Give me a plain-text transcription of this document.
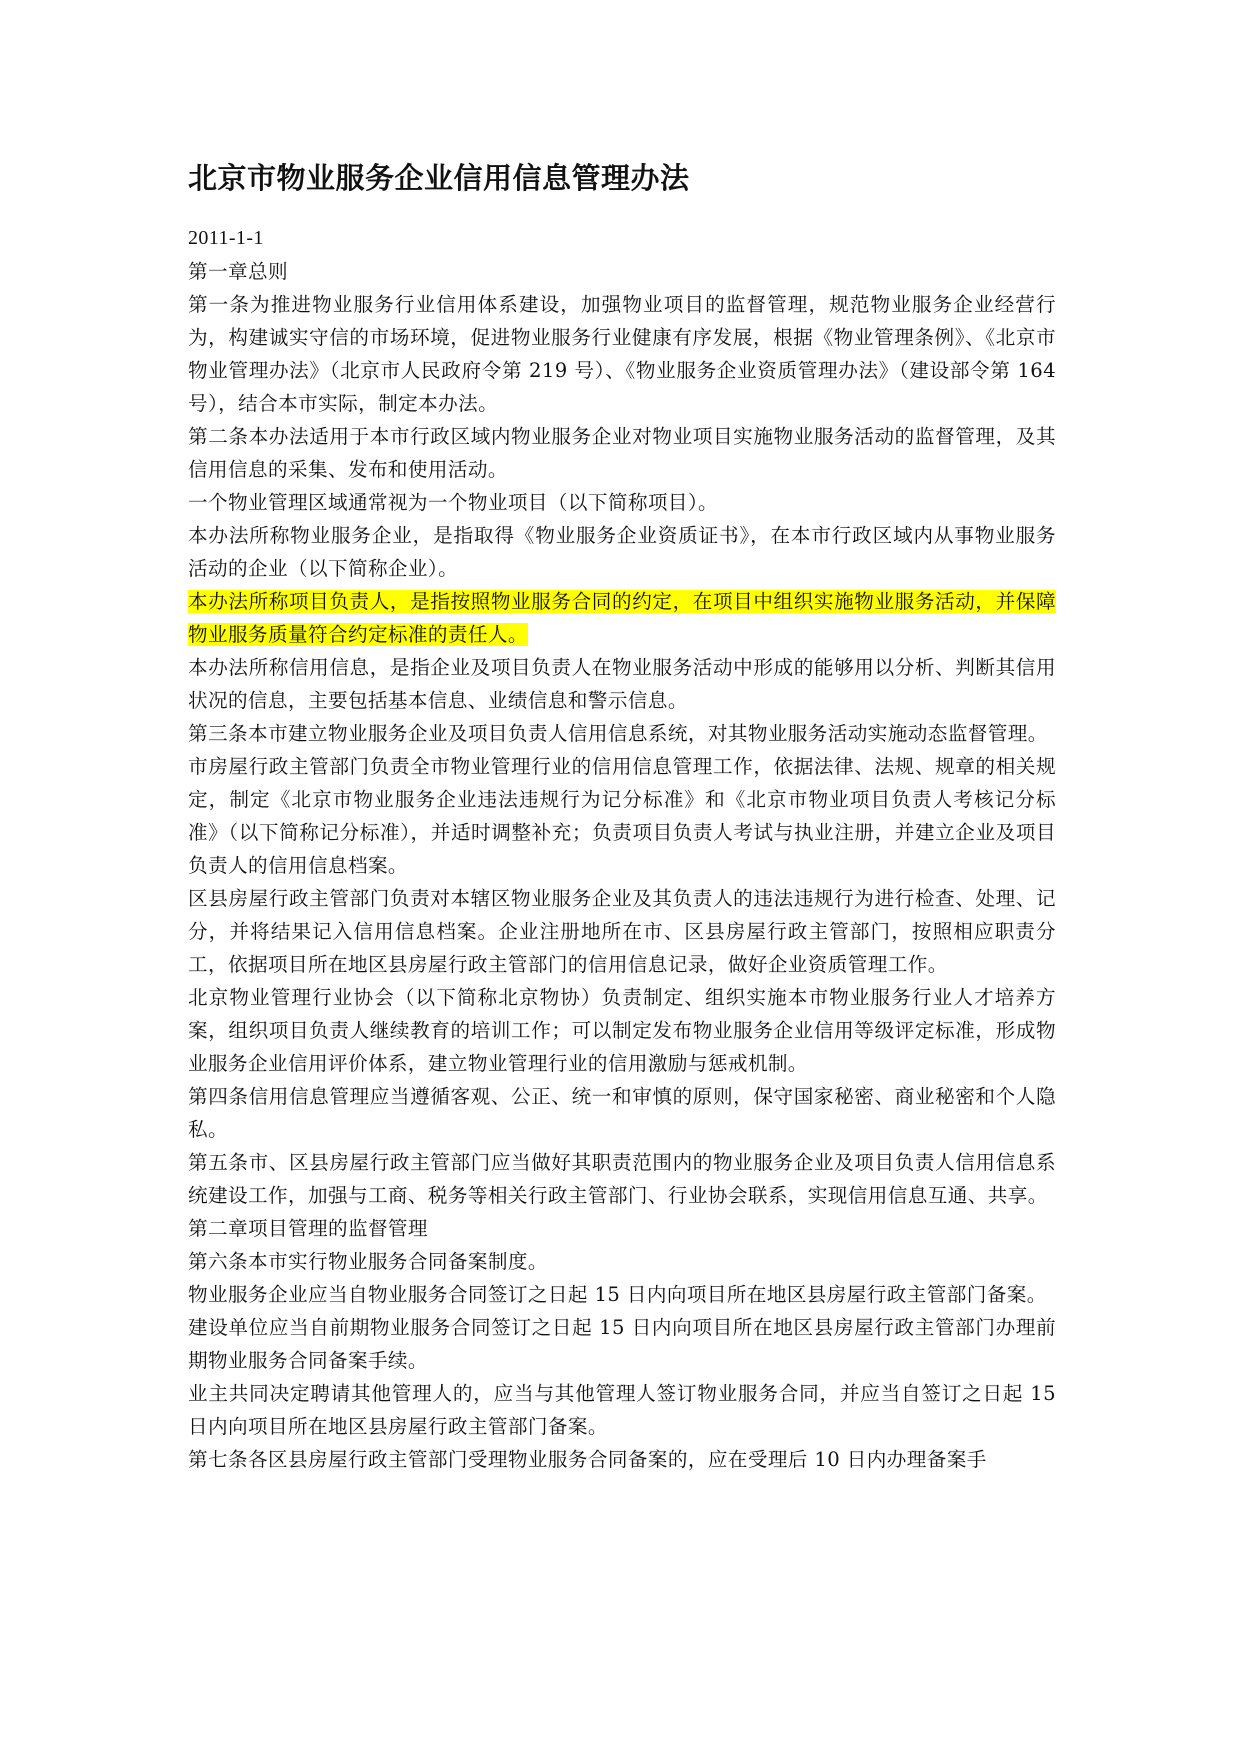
北京市物业服务企业信用信息管理办法

2011-1-1

第一章总则

第一条为推进物业服务行业信用体系建设，加强物业项目的监督管理，规范物业服务企业经营行为，构建诚实守信的市场环境，促进物业服务行业健康有序发展，根据《物业管理条例》、《北京市物业管理办法》（北京市人民政府令第 219 号）、《物业服务企业资质管理办法》（建设部令第 164 号），结合本市实际，制定本办法。

第二条本办法适用于本市行政区域内物业服务企业对物业项目实施物业服务活动的监督管理，及其信用信息的采集、发布和使用活动。

一个物业管理区域通常视为一个物业项目（以下简称项目）。

本办法所称物业服务企业，是指取得《物业服务企业资质证书》，在本市行政区域内从事物业服务活动的企业（以下简称企业）。

本办法所称项目负责人，是指按照物业服务合同的约定，在项目中组织实施物业服务活动，并保障物业服务质量符合约定标准的责任人。

本办法所称信用信息，是指企业及项目负责人在物业服务活动中形成的能够用以分析、判断其信用状况的信息，主要包括基本信息、业绩信息和警示信息。

第三条本市建立物业服务企业及项目负责人信用信息系统，对其物业服务活动实施动态监督管理。

市房屋行政主管部门负责全市物业管理行业的信用信息管理工作，依据法律、法规、规章的相关规定，制定《北京市物业服务企业违法违规行为记分标准》和《北京市物业项目负责人考核记分标准》（以下简称记分标准），并适时调整补充；负责项目负责人考试与执业注册，并建立企业及项目负责人的信用信息档案。

区县房屋行政主管部门负责对本辖区物业服务企业及其负责人的违法违规行为进行检查、处理、记分，并将结果记入信用信息档案。企业注册地所在市、区县房屋行政主管部门，按照相应职责分工，依据项目所在地区县房屋行政主管部门的信用信息记录，做好企业资质管理工作。

北京物业管理行业协会（以下简称北京物协）负责制定、组织实施本市物业服务行业人才培养方案，组织项目负责人继续教育的培训工作；可以制定发布物业服务企业信用等级评定标准，形成物业服务企业信用评价体系，建立物业管理行业的信用激励与惩戒机制。

第四条信用信息管理应当遵循客观、公正、统一和审慎的原则，保守国家秘密、商业秘密和个人隐私。

第五条市、区县房屋行政主管部门应当做好其职责范围内的物业服务企业及项目负责人信用信息系统建设工作，加强与工商、税务等相关行政主管部门、行业协会联系，实现信用信息互通、共享。

第二章项目管理的监督管理

第六条本市实行物业服务合同备案制度。

物业服务企业应当自物业服务合同签订之日起 15 日内向项目所在地区县房屋行政主管部门备案。

建设单位应当自前期物业服务合同签订之日起 15 日内向项目所在地区县房屋行政主管部门办理前期物业服务合同备案手续。

业主共同决定聘请其他管理人的，应当与其他管理人签订物业服务合同，并应当自签订之日起 15 日内向项目所在地区县房屋行政主管部门备案。

第七条各区县房屋行政主管部门受理物业服务合同备案的，应在受理后 10 日内办理备案手
